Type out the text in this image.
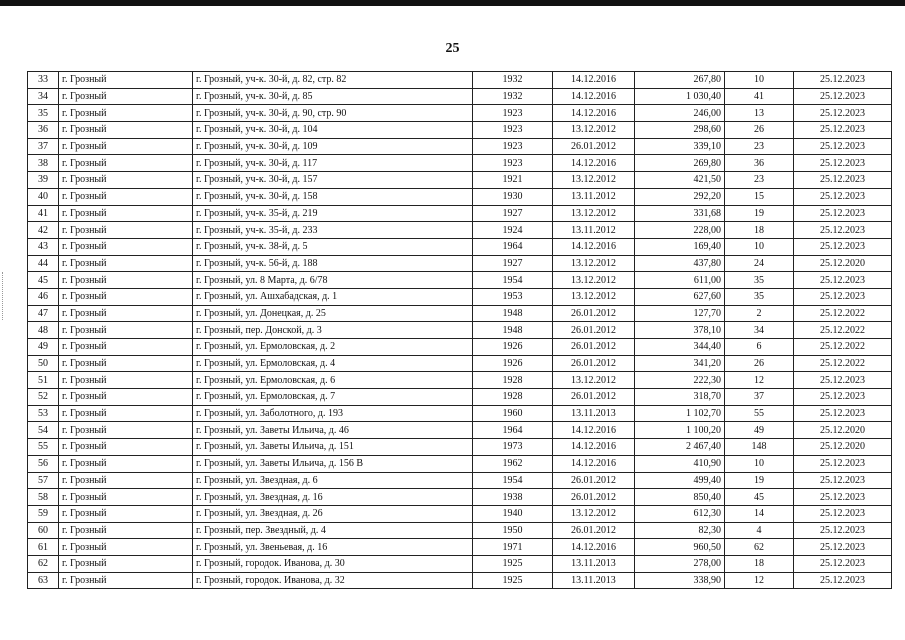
25
33	г. Грозный	г. Грозный, уч-к. 30-й, д. 82, стр. 82	1932	14.12.2016	267,80	10	25.12.2023
34	г. Грозный	г. Грозный, уч-к. 30-й, д. 85	1932	14.12.2016	1 030,40	41	25.12.2023
35	г. Грозный	г. Грозный, уч-к. 30-й, д. 90, стр. 90	1923	14.12.2016	246,00	13	25.12.2023
36	г. Грозный	г. Грозный, уч-к. 30-й, д. 104	1923	13.12.2012	298,60	26	25.12.2023
37	г. Грозный	г. Грозный, уч-к. 30-й, д. 109	1923	26.01.2012	339,10	23	25.12.2023
38	г. Грозный	г. Грозный, уч-к. 30-й, д. 117	1923	14.12.2016	269,80	36	25.12.2023
39	г. Грозный	г. Грозный, уч-к. 30-й, д. 157	1921	13.12.2012	421,50	23	25.12.2023
40	г. Грозный	г. Грозный, уч-к. 30-й, д. 158	1930	13.11.2012	292,20	15	25.12.2023
41	г. Грозный	г. Грозный, уч-к. 35-й, д. 219	1927	13.12.2012	331,68	19	25.12.2023
42	г. Грозный	г. Грозный, уч-к. 35-й, д. 233	1924	13.11.2012	228,00	18	25.12.2023
43	г. Грозный	г. Грозный, уч-к. 38-й, д. 5	1964	14.12.2016	169,40	10	25.12.2023
44	г. Грозный	г. Грозный, уч-к. 56-й, д. 188	1927	13.12.2012	437,80	24	25.12.2020
45	г. Грозный	г. Грозный, ул. 8 Марта, д. 6/78	1954	13.12.2012	611,00	35	25.12.2023
46	г. Грозный	г. Грозный, ул. Ашхабадская, д. 1	1953	13.12.2012	627,60	35	25.12.2023
47	г. Грозный	г. Грозный, ул. Донецкая, д. 25	1948	26.01.2012	127,70	2	25.12.2022
48	г. Грозный	г. Грозный, пер. Донской, д. 3	1948	26.01.2012	378,10	34	25.12.2022
49	г. Грозный	г. Грозный, ул. Ермоловская, д. 2	1926	26.01.2012	344,40	6	25.12.2022
50	г. Грозный	г. Грозный, ул. Ермоловская, д. 4	1926	26.01.2012	341,20	26	25.12.2022
51	г. Грозный	г. Грозный, ул. Ермоловская, д. 6	1928	13.12.2012	222,30	12	25.12.2023
52	г. Грозный	г. Грозный, ул. Ермоловская, д. 7	1928	26.01.2012	318,70	37	25.12.2023
53	г. Грозный	г. Грозный, ул. Заболотного, д. 193	1960	13.11.2013	1 102,70	55	25.12.2023
54	г. Грозный	г. Грозный, ул. Заветы Ильича, д. 46	1964	14.12.2016	1 100,20	49	25.12.2020
55	г. Грозный	г. Грозный, ул. Заветы Ильича, д. 151	1973	14.12.2016	2 467,40	148	25.12.2020
56	г. Грозный	г. Грозный, ул. Заветы Ильича, д. 156 В	1962	14.12.2016	410,90	10	25.12.2023
57	г. Грозный	г. Грозный, ул. Звездная, д. 6	1954	26.01.2012	499,40	19	25.12.2023
58	г. Грозный	г. Грозный, ул. Звездная, д. 16	1938	26.01.2012	850,40	45	25.12.2023
59	г. Грозный	г. Грозный, ул. Звездная, д. 26	1940	13.12.2012	612,30	14	25.12.2023
60	г. Грозный	г. Грозный, пер. Звездный, д. 4	1950	26.01.2012	82,30	4	25.12.2023
61	г. Грозный	г. Грозный, ул. Звеньевая, д. 16	1971	14.12.2016	960,50	62	25.12.2023
62	г. Грозный	г. Грозный, городок. Иванова, д. 30	1925	13.11.2013	278,00	18	25.12.2023
63	г. Грозный	г. Грозный, городок. Иванова, д. 32	1925	13.11.2013	338,90	12	25.12.2023
